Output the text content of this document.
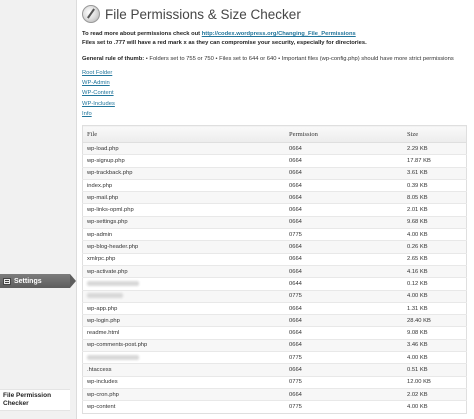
Settings
File Permission Checker
File Permissions & Size Checker
To read more about permissions check out http://codex.wordpress.org/Changing_File_Permissions
Files set to .777 will have a red mark x as they can compromise your security, especially for directories.
General rule of thumb: • Folders set to 755 or 750 • Files set to 644 or 640 • Important files (wp-config.php) should have more strict permissions
Root Folder
WP-Admin
WP-Content
WP-Includes
Info
File	Permission	Size
wp-load.php	0664	2.29 KB
wp-signup.php	0664	17.87 KB
wp-trackback.php	0664	3.61 KB
index.php	0664	0.39 KB
wp-mail.php	0664	8.05 KB
wp-links-opml.php	0664	2.01 KB
wp-settings.php	0664	9.68 KB
wp-admin	0775	4.00 KB
wp-blog-header.php	0664	0.26 KB
xmlrpc.php	0664	2.65 KB
wp-activate.php	0664	4.16 KB
	0644	0.12 KB
	0775	4.00 KB
wp-app.php	0664	1.31 KB
wp-login.php	0664	28.40 KB
readme.html	0664	9.08 KB
wp-comments-post.php	0664	3.46 KB
	0775	4.00 KB
.htaccess	0664	0.51 KB
wp-includes	0775	12.00 KB
wp-cron.php	0664	2.02 KB
wp-content	0775	4.00 KB
